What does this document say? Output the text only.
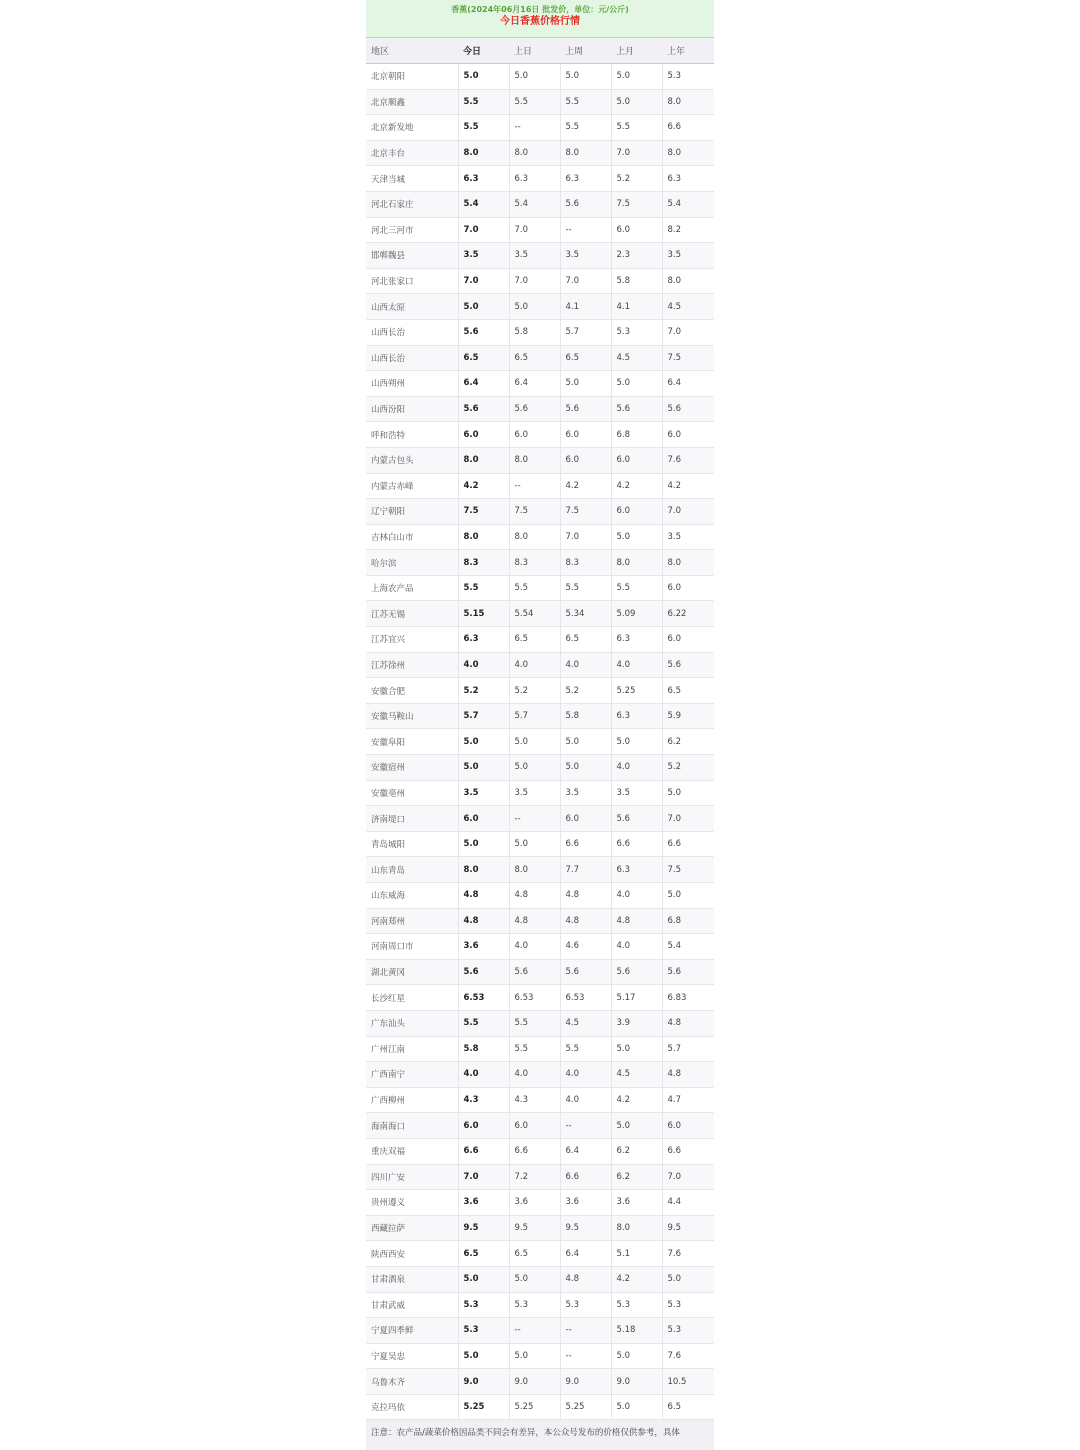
香蕉(2024年06月16日 批发价，单位：元/公斤)
今日香蕉价格行情
地区	今日	上日	上周	上月	上年
北京朝阳	5.0	5.0	5.0	5.0	5.3
北京顺鑫	5.5	5.5	5.5	5.0	8.0
北京新发地	5.5	--	5.5	5.5	6.6
北京丰台	8.0	8.0	8.0	7.0	8.0
天津当城	6.3	6.3	6.3	5.2	6.3
河北石家庄	5.4	5.4	5.6	7.5	5.4
河北三河市	7.0	7.0	--	6.0	8.2
邯郸魏县	3.5	3.5	3.5	2.3	3.5
河北张家口	7.0	7.0	7.0	5.8	8.0
山西太原	5.0	5.0	4.1	4.1	4.5
山西长治	5.6	5.8	5.7	5.3	7.0
山西长治	6.5	6.5	6.5	4.5	7.5
山西朔州	6.4	6.4	5.0	5.0	6.4
山西汾阳	5.6	5.6	5.6	5.6	5.6
呼和浩特	6.0	6.0	6.0	6.8	6.0
内蒙古包头	8.0	8.0	6.0	6.0	7.6
内蒙古赤峰	4.2	--	4.2	4.2	4.2
辽宁朝阳	7.5	7.5	7.5	6.0	7.0
吉林白山市	8.0	8.0	7.0	5.0	3.5
哈尔滨	8.3	8.3	8.3	8.0	8.0
上海农产品	5.5	5.5	5.5	5.5	6.0
江苏无锡	5.15	5.54	5.34	5.09	6.22
江苏宜兴	6.3	6.5	6.5	6.3	6.0
江苏徐州	4.0	4.0	4.0	4.0	5.6
安徽合肥	5.2	5.2	5.2	5.25	6.5
安徽马鞍山	5.7	5.7	5.8	6.3	5.9
安徽阜阳	5.0	5.0	5.0	5.0	6.2
安徽宿州	5.0	5.0	5.0	4.0	5.2
安徽亳州	3.5	3.5	3.5	3.5	5.0
济南堤口	6.0	--	6.0	5.6	7.0
青岛城阳	5.0	5.0	6.6	6.6	6.6
山东青岛	8.0	8.0	7.7	6.3	7.5
山东威海	4.8	4.8	4.8	4.0	5.0
河南郑州	4.8	4.8	4.8	4.8	6.8
河南周口市	3.6	4.0	4.6	4.0	5.4
湖北黄冈	5.6	5.6	5.6	5.6	5.6
长沙红星	6.53	6.53	6.53	5.17	6.83
广东汕头	5.5	5.5	4.5	3.9	4.8
广州江南	5.8	5.5	5.5	5.0	5.7
广西南宁	4.0	4.0	4.0	4.5	4.8
广西柳州	4.3	4.3	4.0	4.2	4.7
海南海口	6.0	6.0	--	5.0	6.0
重庆双福	6.6	6.6	6.4	6.2	6.6
四川广安	7.0	7.2	6.6	6.2	7.0
贵州遵义	3.6	3.6	3.6	3.6	4.4
西藏拉萨	9.5	9.5	9.5	8.0	9.5
陕西西安	6.5	6.5	6.4	5.1	7.6
甘肃酒泉	5.0	5.0	4.8	4.2	5.0
甘肃武威	5.3	5.3	5.3	5.3	5.3
宁夏四季鲜	5.3	--	--	5.18	5.3
宁夏吴忠	5.0	5.0	--	5.0	7.6
乌鲁木齐	9.0	9.0	9.0	9.0	10.5
克拉玛依	5.25	5.25	5.25	5.0	6.5
注意：农产品/蔬菜价格因品类不同会有差异，本公众号发布的价格仅供参考，具体
